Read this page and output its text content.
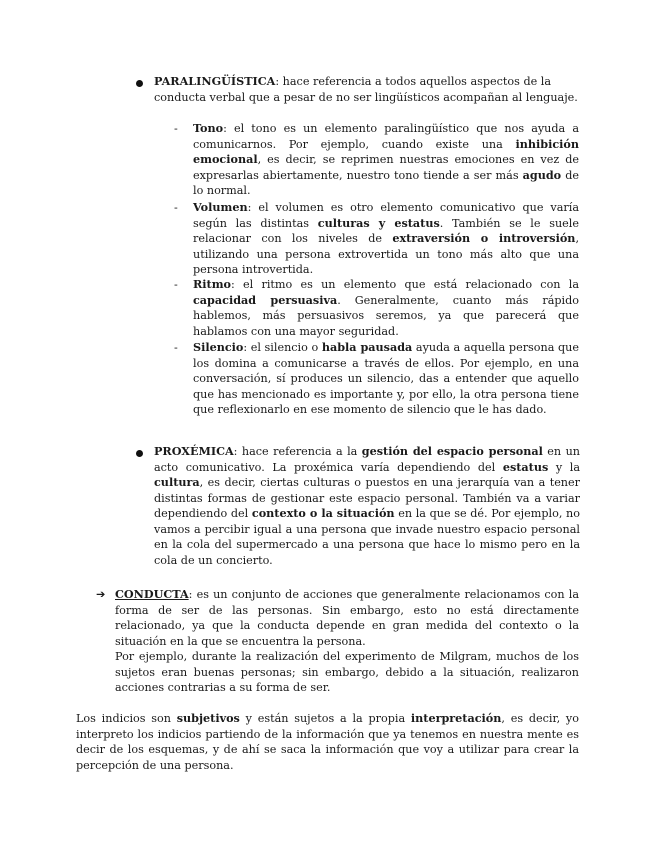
PARALINGÜÍSTICA: hace referencia a todos aquellos aspectos de la conducta verbal que a pesar de no ser lingüísticos acompañan al lenguaje.

- Tono: el tono es un elemento paralingüístico que nos ayuda a comunicarnos. Por ejemplo, cuando existe una inhibición emocional, es decir, se reprimen nuestras emociones en vez de expresarlas abiertamente, nuestro tono tiende a ser más agudo de lo normal.

- Volumen: el volumen es otro elemento comunicativo que varía según las distintas culturas y estatus. También se le suele relacionar con los niveles de extraversión o introversión, utilizando una persona extrovertida un tono más alto que una persona introvertida.

- Ritmo: el ritmo es un elemento que está relacionado con la capacidad persuasiva. Generalmente, cuanto más rápido hablemos, más persuasivos seremos, ya que parecerá que hablamos con una mayor seguridad.

- Silencio: el silencio o habla pausada ayuda a aquella persona que los domina a comunicarse a través de ellos. Por ejemplo, en una conversación, sí produces un silencio, das a entender que aquello que has mencionado es importante y, por ello, la otra persona tiene que reflexionarlo en ese momento de silencio que le has dado.

PROXÉMICA: hace referencia a la gestión del espacio personal en un acto comunicativo. La proxémica varía dependiendo del estatus y la cultura, es decir, ciertas culturas o puestos en una jerarquía van a tener distintas formas de gestionar este espacio personal. También va a variar dependiendo del contexto o la situación en la que se dé. Por ejemplo, no vamos a percibir igual a una persona que invade nuestro espacio personal en la cola del supermercado a una persona que hace lo mismo pero en la cola de un concierto.

➔ CONDUCTA: es un conjunto de acciones que generalmente relacionamos con la forma de ser de las personas. Sin embargo, esto no está directamente relacionado, ya que la conducta depende en gran medida del contexto o la situación en la que se encuentra la persona.

Por ejemplo, durante la realización del experimento de Milgram, muchos de los sujetos eran buenas personas; sin embargo, debido a la situación, realizaron acciones contrarias a su forma de ser.

Los indicios son subjetivos y están sujetos a la propia interpretación, es decir, yo interpreto los indicios partiendo de la información que ya tenemos en nuestra mente es decir de los esquemas, y de ahí se saca la información que voy a utilizar para crear la percepción de una persona.
